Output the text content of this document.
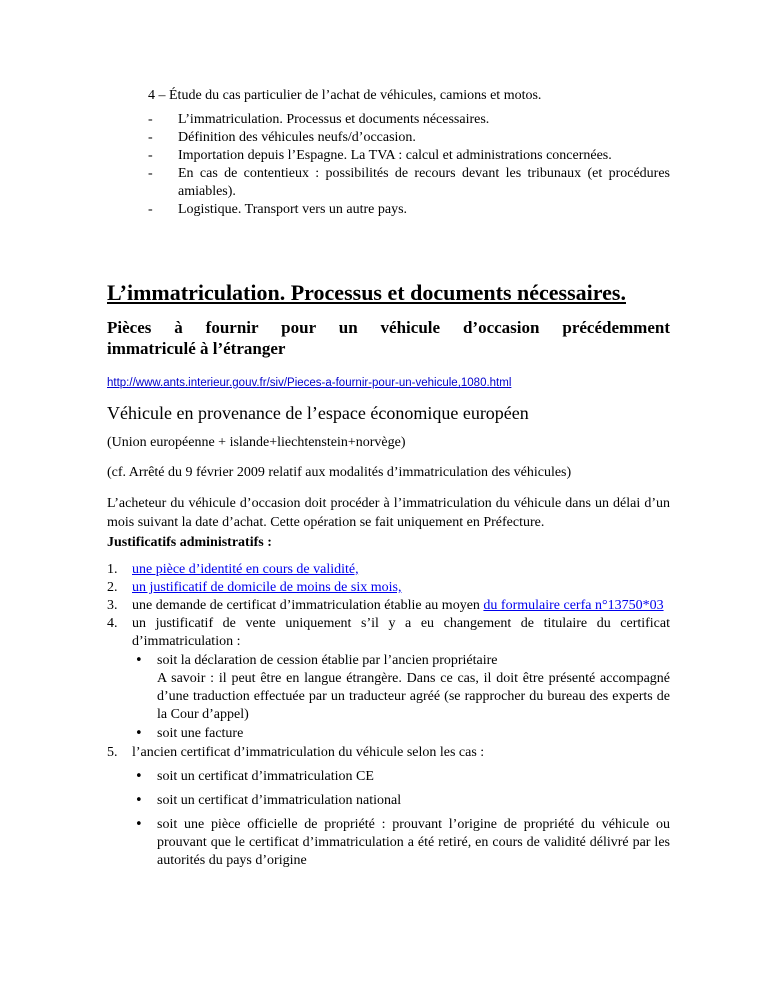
4 – Étude du cas particulier de l’achat de véhicules, camions et motos.
- L’immatriculation. Processus et documents nécessaires.
- Définition des véhicules neufs/d’occasion.
- Importation depuis l’Espagne. La TVA : calcul et administrations concernées.
- En cas de contentieux : possibilités de recours devant les tribunaux (et procédures amiables).
- Logistique. Transport vers un autre pays.
L’immatriculation. Processus et documents nécessaires.
Pièces à fournir pour un véhicule d’occasion précédemment
immatriculé à l’étranger
http://www.ants.interieur.gouv.fr/siv/Pieces-a-fournir-pour-un-vehicule,1080.html
Véhicule en provenance de l’espace économique européen
(Union européenne + islande+liechtenstein+norvège)
(cf. Arrêté du 9 février 2009 relatif aux modalités d’immatriculation des véhicules)
L’acheteur du véhicule d’occasion doit procéder à l’immatriculation du véhicule dans un délai d’un mois suivant la date d’achat. Cette opération se fait uniquement en Préfecture.
Justificatifs administratifs :
1. une pièce d’identité en cours de validité,
2. un justificatif de domicile de moins de six mois,
3. une demande de certificat d’immatriculation établie au moyen du formulaire cerfa n°13750*03
4. un justificatif de vente uniquement s’il y a eu changement de titulaire du certificat d’immatriculation :
• soit la déclaration de cession établie par l’ancien propriétaire
A savoir : il peut être en langue étrangère. Dans ce cas, il doit être présenté accompagné d’une traduction effectuée par un traducteur agréé (se rapprocher du bureau des experts de la Cour d’appel)
• soit une facture
5. l’ancien certificat d’immatriculation du véhicule selon les cas :
• soit un certificat d’immatriculation CE
• soit un certificat d’immatriculation national
• soit une pièce officielle de propriété : prouvant l’origine de propriété du véhicule ou prouvant que le certificat d’immatriculation a été retiré, en cours de validité délivré par les autorités du pays d’origine
